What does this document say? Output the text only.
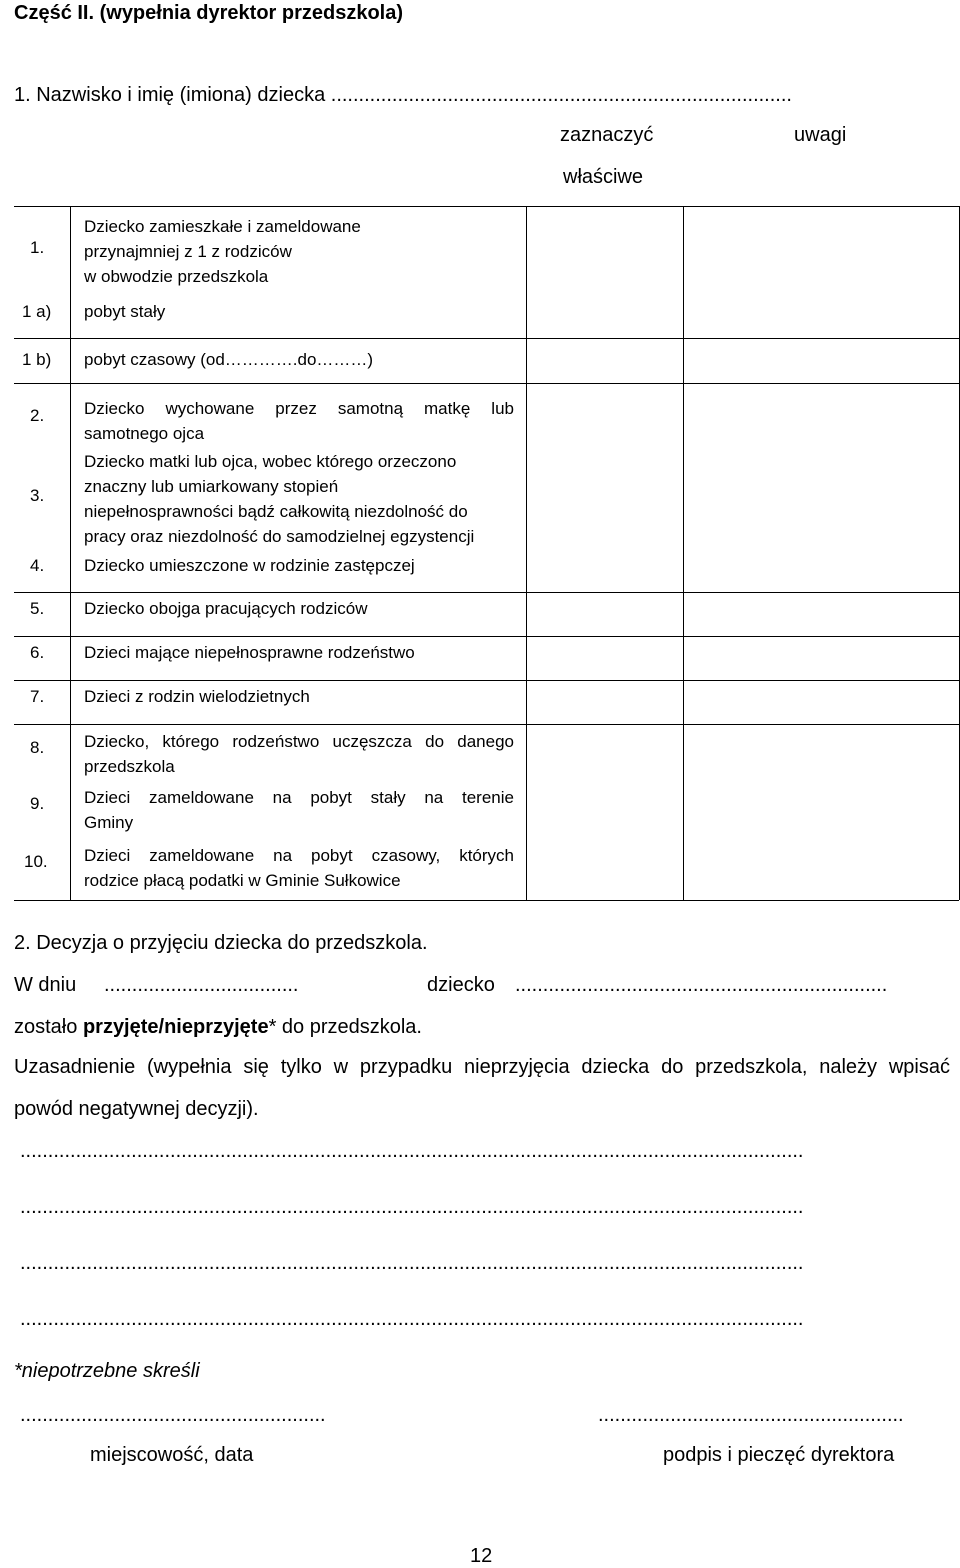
Część II. (wypełnia dyrektor przedszkola)
1. Nazwisko i imię (imiona) dziecka ...................................................................................
zaznaczyć
właściwe
uwagi
1.
Dziecko zamieszkałe i zameldowane
przynajmniej z 1 z rodziców
w obwodzie przedszkola
1 a) pobyt stały
1 b) pobyt czasowy (od………….do………)
2. Dziecko wychowane przez samotną matkę lub
samotnego ojca
3.
Dziecko matki lub ojca, wobec którego orzeczono
znaczny lub umiarkowany stopień
niepełnosprawności bądź całkowitą niezdolność do
pracy oraz niezdolność do samodzielnej egzystencji
4. Dziecko umieszczone w rodzinie zastępczej
5. Dziecko obojga pracujących rodziców
6. Dzieci mające niepełnosprawne rodzeństwo
7. Dzieci z rodzin wielodzietnych
8. Dziecko, którego rodzeństwo uczęszcza do danego
przedszkola
9. Dzieci zameldowane na pobyt stały na terenie
Gminy
10. Dzieci zameldowane na pobyt czasowy, których
rodzice płacą podatki w Gminie Sułkowice
2. Decyzja o przyjęciu dziecka do przedszkola.
W dniu ...................................	dziecko ...................................................................
zostało przyjęte/nieprzyjęte* do przedszkola.
Uzasadnienie (wypełnia się tylko w przypadku nieprzyjęcia dziecka do przedszkola, należy wpisać
powód negatywnej decyzji).
.............................................................................................................................................
.............................................................................................................................................
.............................................................................................................................................
.............................................................................................................................................
*niepotrzebne skreśli
.......................................................	.......................................................
miejscowość, data	podpis i pieczęć dyrektora
12
